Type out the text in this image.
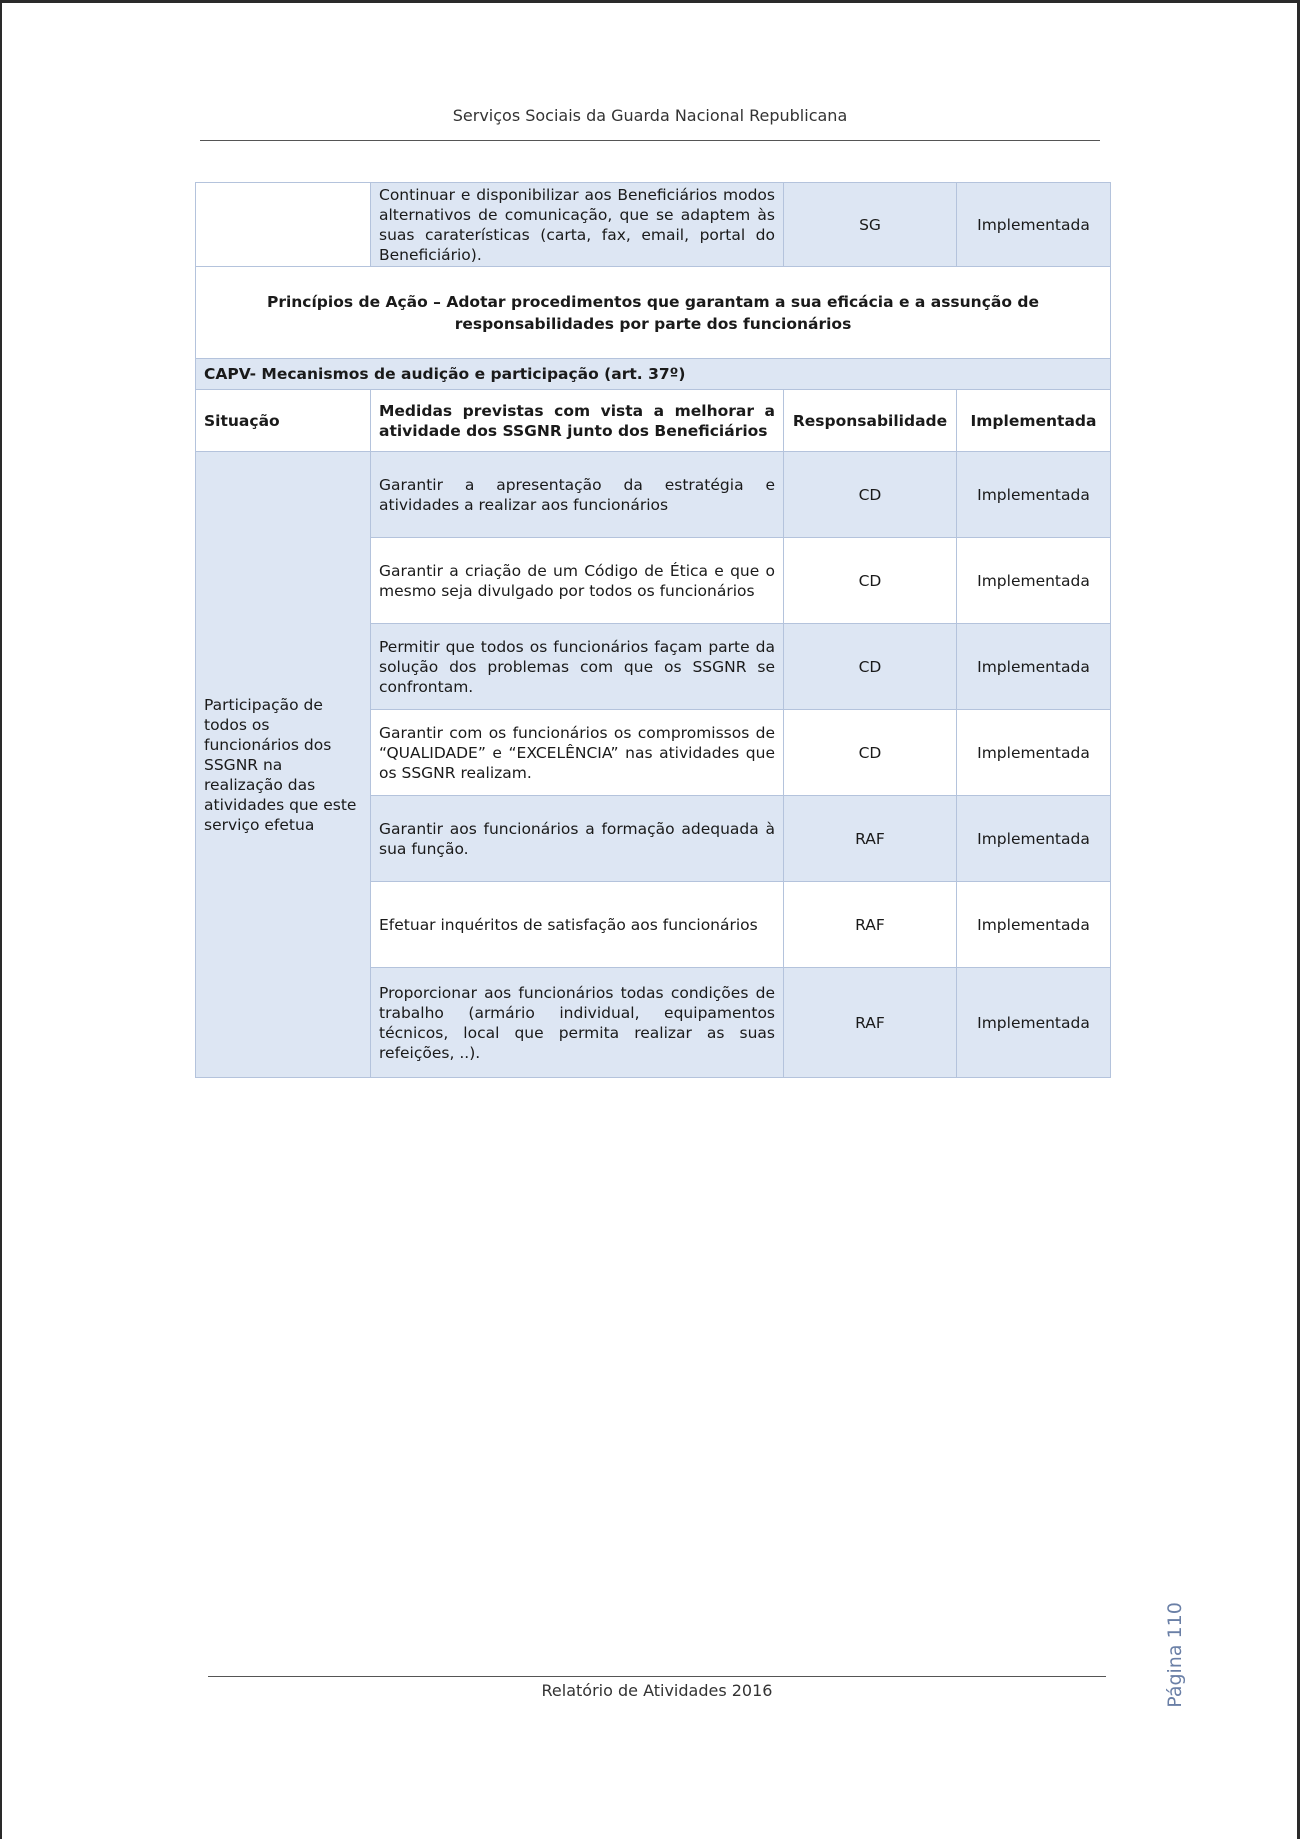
Serviços Sociais da Guarda Nacional Republicana
	Continuar e disponibilizar aos Beneficiários modos alternativos de comunicação, que se adaptem às suas caraterísticas (carta, fax, email, portal do Beneficiário).	SG	Implementada
Princípios de Ação – Adotar procedimentos que garantam a sua eficácia e a assunção de responsabilidades por parte dos funcionários			
CAPV- Mecanismos de audição e participação (art. 37º)			
Situação	Medidas previstas com vista a melhorar a atividade dos SSGNR junto dos Beneficiários	Responsabilidade	Implementada
Participação de todos os funcionários dos SSGNR na realização das atividades que este serviço efetua	Garantir a apresentação da estratégia e atividades a realizar aos funcionários	CD	Implementada
	Garantir a criação de um Código de Ética e que o mesmo seja divulgado por todos os funcionários	CD	Implementada
	Permitir que todos os funcionários façam parte da solução dos problemas com que os SSGNR se confrontam.	CD	Implementada
	Garantir com os funcionários os compromissos de “QUALIDADE” e “EXCELÊNCIA” nas atividades que os SSGNR realizam.	CD	Implementada
	Garantir aos funcionários a formação adequada à sua função.	RAF	Implementada
	Efetuar inquéritos de satisfação aos funcionários	RAF	Implementada
	Proporcionar aos funcionários todas condições de trabalho (armário individual, equipamentos técnicos, local que permita realizar as suas refeições, ..).	RAF	Implementada
Página 110
Relatório de Atividades 2016
